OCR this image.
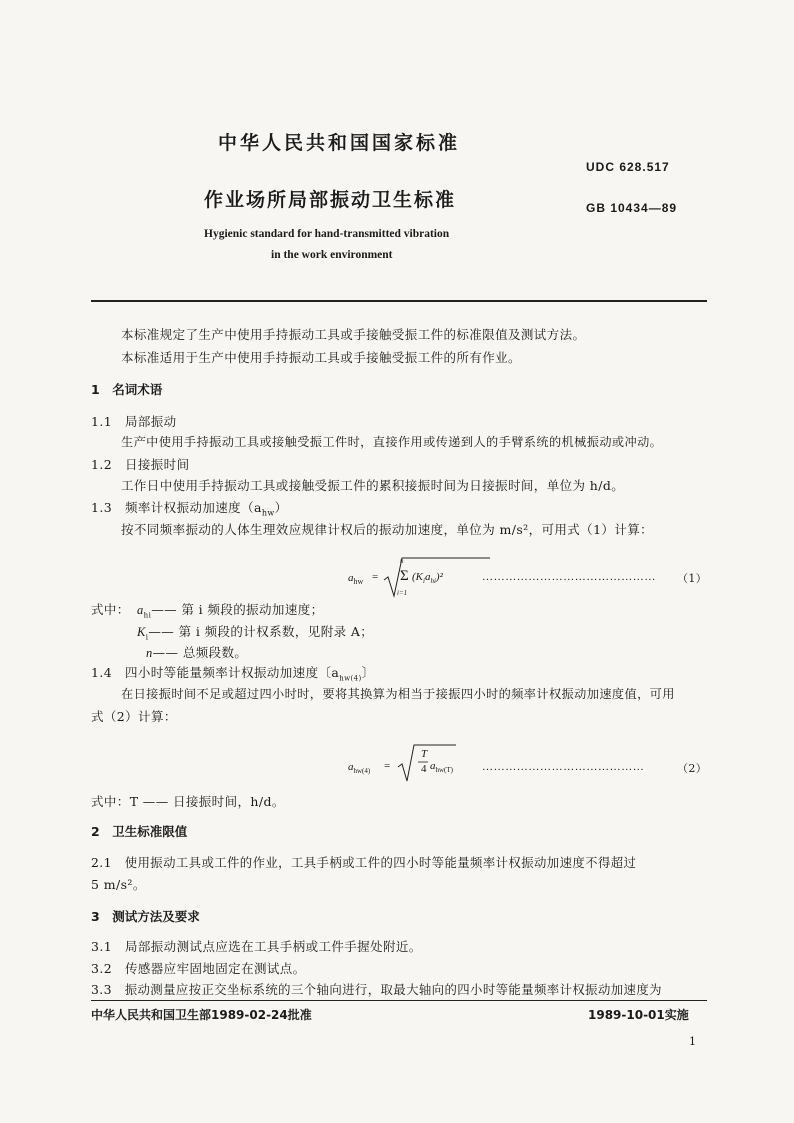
中华人民共和国国家标准
UDC 628.517
作业场所局部振动卫生标准	GB 10434—89
Hygienic standard for hand-transmitted vibration
in the work environment
本标准规定了生产中使用手持振动工具或手接触受振工件的标准限值及测试方法。
本标准适用于生产中使用手持振动工具或手接触受振工件的所有作业。
1　名词术语
1.1　局部振动
生产中使用手持振动工具或接触受振工件时，直接作用或传递到人的手臂系统的机械振动或冲动。
1.2　日接振时间
工作日中使用手持振动工具或接触受振工件的累积接振时间为日接振时间，单位为 h/d。
1.3　频率计权振动加速度$(a_{hw})$
按不同频率振动的人体生理效应规律计权后的振动加速度，单位为 m/s²，可用式（1）计算：
$a_{hw}$ =
n
Σ
i=1
$(K_ia_{hi})^2$	……………………………………… （1）
式中： $a_{hi}——$ 第 i 频段的振动加速度；
$K_i——$ 第 i 频段的计权系数，见附录 A；
n—— 总频段数。
1.4　四小时等能量频率计权振动加速度〔$a_{hw(4)}$〕
在日接振时间不足或超过四小时时，要将其换算为相当于接振四小时的频率计权振动加速度值，可用
式（2）计算：
$a_{hw(4)}$ =
T
4 $a_{hw(T)}$	……………………………………	（2）
式中：T —— 日接振时间，h/d。
2　卫生标准限值
2.1　使用振动工具或工件的作业，工具手柄或工件的四小时等能量频率计权振动加速度不得超过
5 m/s²。
3　测试方法及要求
3.1　局部振动测试点应选在工具手柄或工件手握处附近。
3.2　传感器应牢固地固定在测试点。
3.3　振动测量应按正交坐标系统的三个轴向进行，取最大轴向的四小时等能量频率计权振动加速度为
中华人民共和国卫生部1989-02-24批准	1989-10-01实施
1
